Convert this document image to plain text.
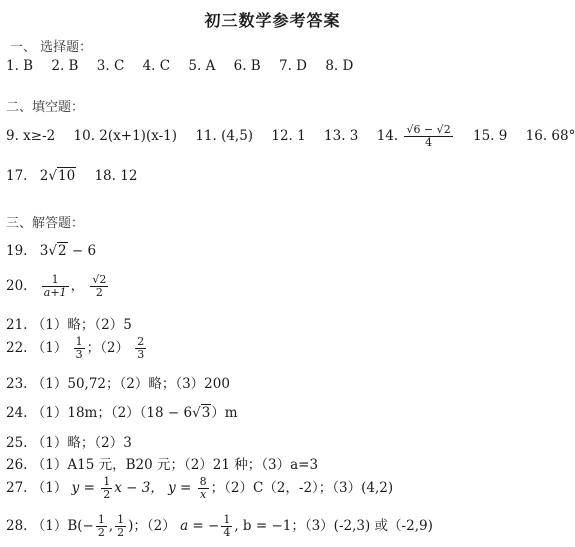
初三数学参考答案
一、 选择题：
1. B 2. B 3. C 4. C 5. A 6. B 7. D 8. D
二、填空题：
9. x≥-2 10. 2(x+1)(x-1) 11. (4,5) 12. 1 13. 3 14. $\frac{√6 - √2}{4} 15$. 9 16. 68°
17. 2√10 18. 12
三、解答题：
19. 3√2 − 6
20. $\frac{1}{a+1}$ ， $\frac{√2}{2}$
21. （1）略；（2）5
22. $(1) \frac{1}{3}$ ；$(2) \frac{2}{3}$
23. （1）50,72；（2）略；（3）200
24. （1）18m；（2）（18 − 6√3）m
25. （1）略；（2）3
26. （1）A15 元，B20 元；（2）21 种；（3）a=3
27. （1） $y = \frac{1}{2}$ x − 3， $y = \frac{8}{x}$ ；（2）C（2，-2）；（3）(4,2)
28. $(1)B(- \frac{1}{2}$ , $\frac{1}{2}$ )；（2） a = − $\frac{1}{4}$ , b = −1；（3）(-2,3) 或（-2,9)
